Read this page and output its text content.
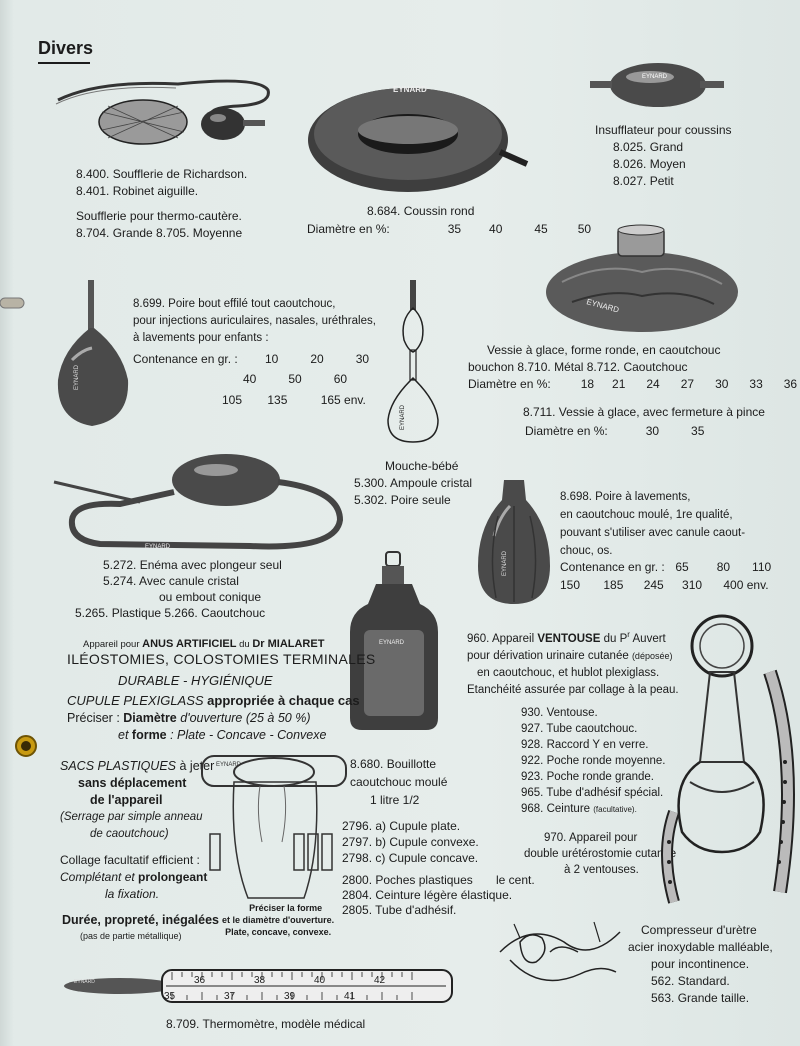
Divers
8.400. Soufflerie de Richardson.
8.401. Robinet aiguille.
Soufflerie pour thermo-cautère.
8.704. Grande 8.705. Moyenne
EYNARD
8.684. Coussin rond
Diamètre en %:	35 40	45 50
EYNARD
Insufflateur pour coussins
8.025. Grand
8.026. Moyen
8.027. Petit
EYNARD
8.699. Poire bout effilé tout caoutchouc,
pour injections auriculaires, nasales, uréthrales,
à lavements pour enfants :
Contenance en gr. : 10	20	30
40	50	60
105 135	165 env.
EYNARD
Mouche-bébé
5.300. Ampoule cristal
5.302. Poire seule
EYNARD
Vessie à glace, forme ronde, en caoutchouc
bouchon 8.710. Métal 8.712. Caoutchouc
Diamètre en %: 18 21 24 27 30 33 36
8.711. Vessie à glace, avec fermeture à pince
Diamètre en %:	30	35
EYNARD
5.272. Enéma avec plongeur seul
5.274. Avec canule cristal
ou embout conique
5.265. Plastique 5.266. Caoutchouc
EYNARD
8.698. Poire à lavements,
en caoutchouc moulé, 1re qualité,
pouvant s'utiliser avec canule caout-
chouc, os.
Contenance en gr. : 65 80 110
150 185 245 310 400 env.
EYNARD
8.680. Bouillotte
caoutchouc moulé
1 litre 1/2
Appareil pour ANUS ARTIFICIEL du Dr MIALARET
ILÉOSTOMIES, COLOSTOMIES TERMINALES
DURABLE - HYGIÉNIQUE
CUPULE PLEXIGLASS appropriée à chaque cas
Préciser : Diamètre d'ouverture (25 à 50 %)
et forme : Plate - Concave - Convexe
SACS PLASTIQUES à jeter
sans déplacement
de l'appareil
(Serrage par simple anneau
de caoutchouc)
Collage facultatif efficient :
Complétant et prolongeant
la fixation.
Durée, propreté, inégalées
(pas de partie métallique)
EYNARD
Préciser la forme
et le diamètre d'ouverture.
Plate, concave, convexe.
2796. a) Cupule plate.
2797. b) Cupule convexe.
2798. c) Cupule concave.
2800. Poches plastiques le cent.
2804. Ceinture légère élastique.
2805. Tube d'adhésif.
960. Appareil VENTOUSE du $P^r$ Auvert
pour dérivation urinaire cutanée (déposée)
en caoutchouc, et hublot plexiglass.
Etanchéité assurée par collage à la peau.
930. Ventouse.
927. Tube caoutchouc.
928. Raccord Y en verre.
922. Poche ronde moyenne.
923. Poche ronde grande.
965. Tube d'adhésif spécial.
968. Ceinture (facultative).
970. Appareil pour
double urétérostomie cutanée
à 2 ventouses.
Compresseur d'urètre
acier inoxydable malléable,
pour incontinence.
562. Standard.
563. Grande taille.
36	38	40	42
35	37	39	41
EYNARD
8.709. Thermomètre, modèle médical
